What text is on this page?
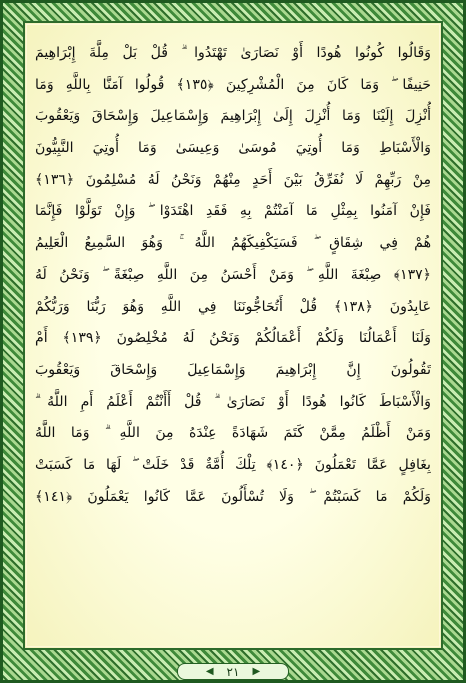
وَقَالُوا كُونُوا هُودًا أَوْ نَصَارَىٰ تَهْتَدُوا ۗ قُلْ بَلْ مِلَّةَ إِبْرَاهِيمَ
حَنِيفًا ۖ وَمَا كَانَ مِنَ الْمُشْرِكِينَ ﴿١٣٥﴾ قُولُوا آمَنَّا بِاللَّهِ وَمَا
أُنْزِلَ إِلَيْنَا وَمَا أُنْزِلَ إِلَىٰ إِبْرَاهِيمَ وَإِسْمَاعِيلَ وَإِسْحَاقَ وَيَعْقُوبَ
وَالْأَسْبَاطِ وَمَا أُوتِيَ مُوسَىٰ وَعِيسَىٰ وَمَا أُوتِيَ النَّبِيُّونَ
مِنْ رَبِّهِمْ لَا نُفَرِّقُ بَيْنَ أَحَدٍ مِنْهُمْ وَنَحْنُ لَهُ مُسْلِمُونَ ﴿١٣٦﴾
فَإِنْ آمَنُوا بِمِثْلِ مَا آمَنْتُمْ بِهِ فَقَدِ اهْتَدَوْا ۖ وَإِنْ تَوَلَّوْا فَإِنَّمَا
هُمْ فِي شِقَاقٍ ۖ فَسَيَكْفِيكَهُمُ اللَّهُ ۚ وَهُوَ السَّمِيعُ الْعَلِيمُ
﴿١٣٧﴾ صِبْغَةَ اللَّهِ ۖ وَمَنْ أَحْسَنُ مِنَ اللَّهِ صِبْغَةً ۖ وَنَحْنُ لَهُ
عَابِدُونَ ﴿١٣٨﴾ قُلْ أَتُحَاجُّونَنَا فِي اللَّهِ وَهُوَ رَبُّنَا وَرَبُّكُمْ
وَلَنَا أَعْمَالُنَا وَلَكُمْ أَعْمَالُكُمْ وَنَحْنُ لَهُ مُخْلِصُونَ ﴿١٣٩﴾ أَمْ
تَقُولُونَ إِنَّ إِبْرَاهِيمَ وَإِسْمَاعِيلَ وَإِسْحَاقَ وَيَعْقُوبَ
وَالْأَسْبَاطَ كَانُوا هُودًا أَوْ نَصَارَىٰ ۗ قُلْ أَأَنْتُمْ أَعْلَمُ أَمِ اللَّهُ ۗ
وَمَنْ أَظْلَمُ مِمَّنْ كَتَمَ شَهَادَةً عِنْدَهُ مِنَ اللَّهِ ۗ وَمَا اللَّهُ
بِغَافِلٍ عَمَّا تَعْمَلُونَ ﴿١٤٠﴾ تِلْكَ أُمَّةٌ قَدْ خَلَتْ ۖ لَهَا مَا كَسَبَتْ
وَلَكُمْ مَا كَسَبْتُمْ ۖ وَلَا تُسْأَلُونَ عَمَّا كَانُوا يَعْمَلُونَ ﴿١٤١﴾
◀ ٢١ ▶
